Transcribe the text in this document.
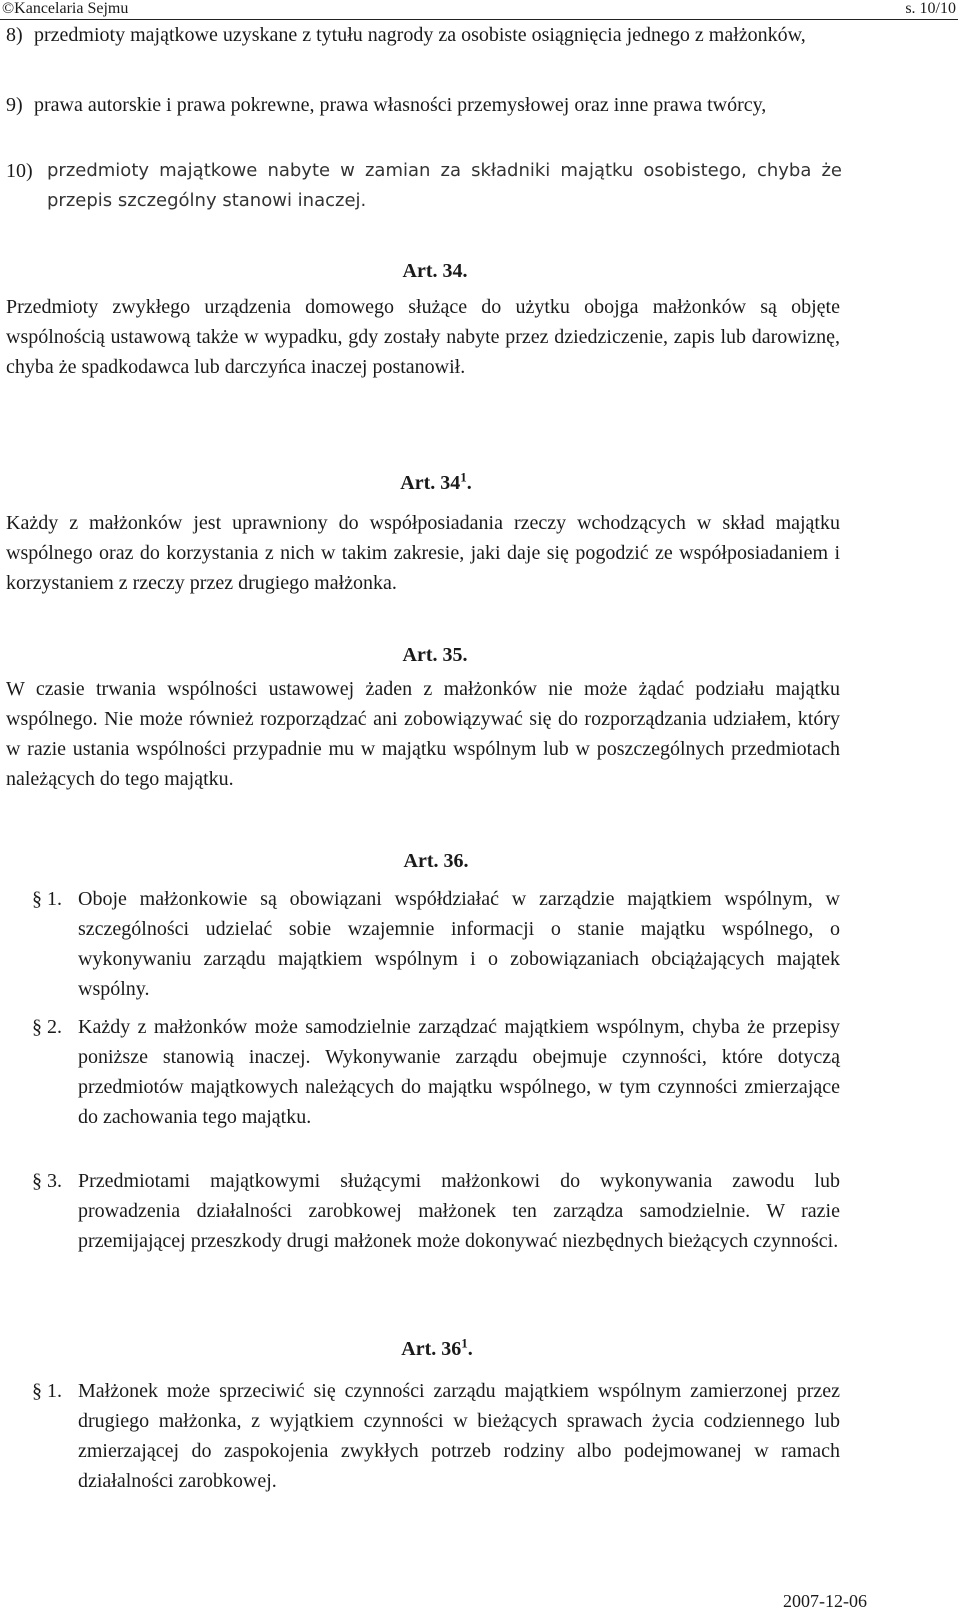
©Kancelaria Sejmu	s. 10/10
8) przedmioty majątkowe uzyskane z tytułu nagrody za osobiste osiągnięcia jednego z małżonków,
9) prawa autorskie i prawa pokrewne, prawa własności przemysłowej oraz inne prawa twórcy,
10) przedmioty majątkowe nabyte w zamian za składniki majątku osobistego, chyba że przepis szczególny stanowi inaczej.
Art. 34.
Przedmioty zwykłego urządzenia domowego służące do użytku obojga małżonków są objęte wspólnością ustawową także w wypadku, gdy zostały nabyte przez dziedziczenie, zapis lub darowiznę, chyba że spadkodawca lub darczyńca inaczej postanowił.
Art. $34^1$.
Każdy z małżonków jest uprawniony do współposiadania rzeczy wchodzących w skład majątku wspólnego oraz do korzystania z nich w takim zakresie, jaki daje się pogodzić ze współposiadaniem i korzystaniem z rzeczy przez drugiego małżonka.
Art. 35.
W czasie trwania wspólności ustawowej żaden z małżonków nie może żądać podziału majątku wspólnego. Nie może również rozporządzać ani zobowiązywać się do rozporządzania udziałem, który w razie ustania wspólności przypadnie mu w majątku wspólnym lub w poszczególnych przedmiotach należących do tego majątku.
Art. 36.
§ 1. Oboje małżonkowie są obowiązani współdziałać w zarządzie majątkiem wspólnym, w szczególności udzielać sobie wzajemnie informacji o stanie majątku wspólnego, o wykonywaniu zarządu majątkiem wspólnym i o zobowiązaniach obciążających majątek wspólny.
§ 2. Każdy z małżonków może samodzielnie zarządzać majątkiem wspólnym, chyba że przepisy poniższe stanowią inaczej. Wykonywanie zarządu obejmuje czynności, które dotyczą przedmiotów majątkowych należących do majątku wspólnego, w tym czynności zmierzające do zachowania tego majątku.
§ 3. Przedmiotami majątkowymi służącymi małżonkowi do wykonywania zawodu lub prowadzenia działalności zarobkowej małżonek ten zarządza samodzielnie. W razie przemijającej przeszkody drugi małżonek może dokonywać niezbędnych bieżących czynności.
Art. $36^1$.
§ 1. Małżonek może sprzeciwić się czynności zarządu majątkiem wspólnym zamierzonej przez drugiego małżonka, z wyjątkiem czynności w bieżących sprawach życia codziennego lub zmierzającej do zaspokojenia zwykłych potrzeb rodziny albo podejmowanej w ramach działalności zarobkowej.
2007-12-06
